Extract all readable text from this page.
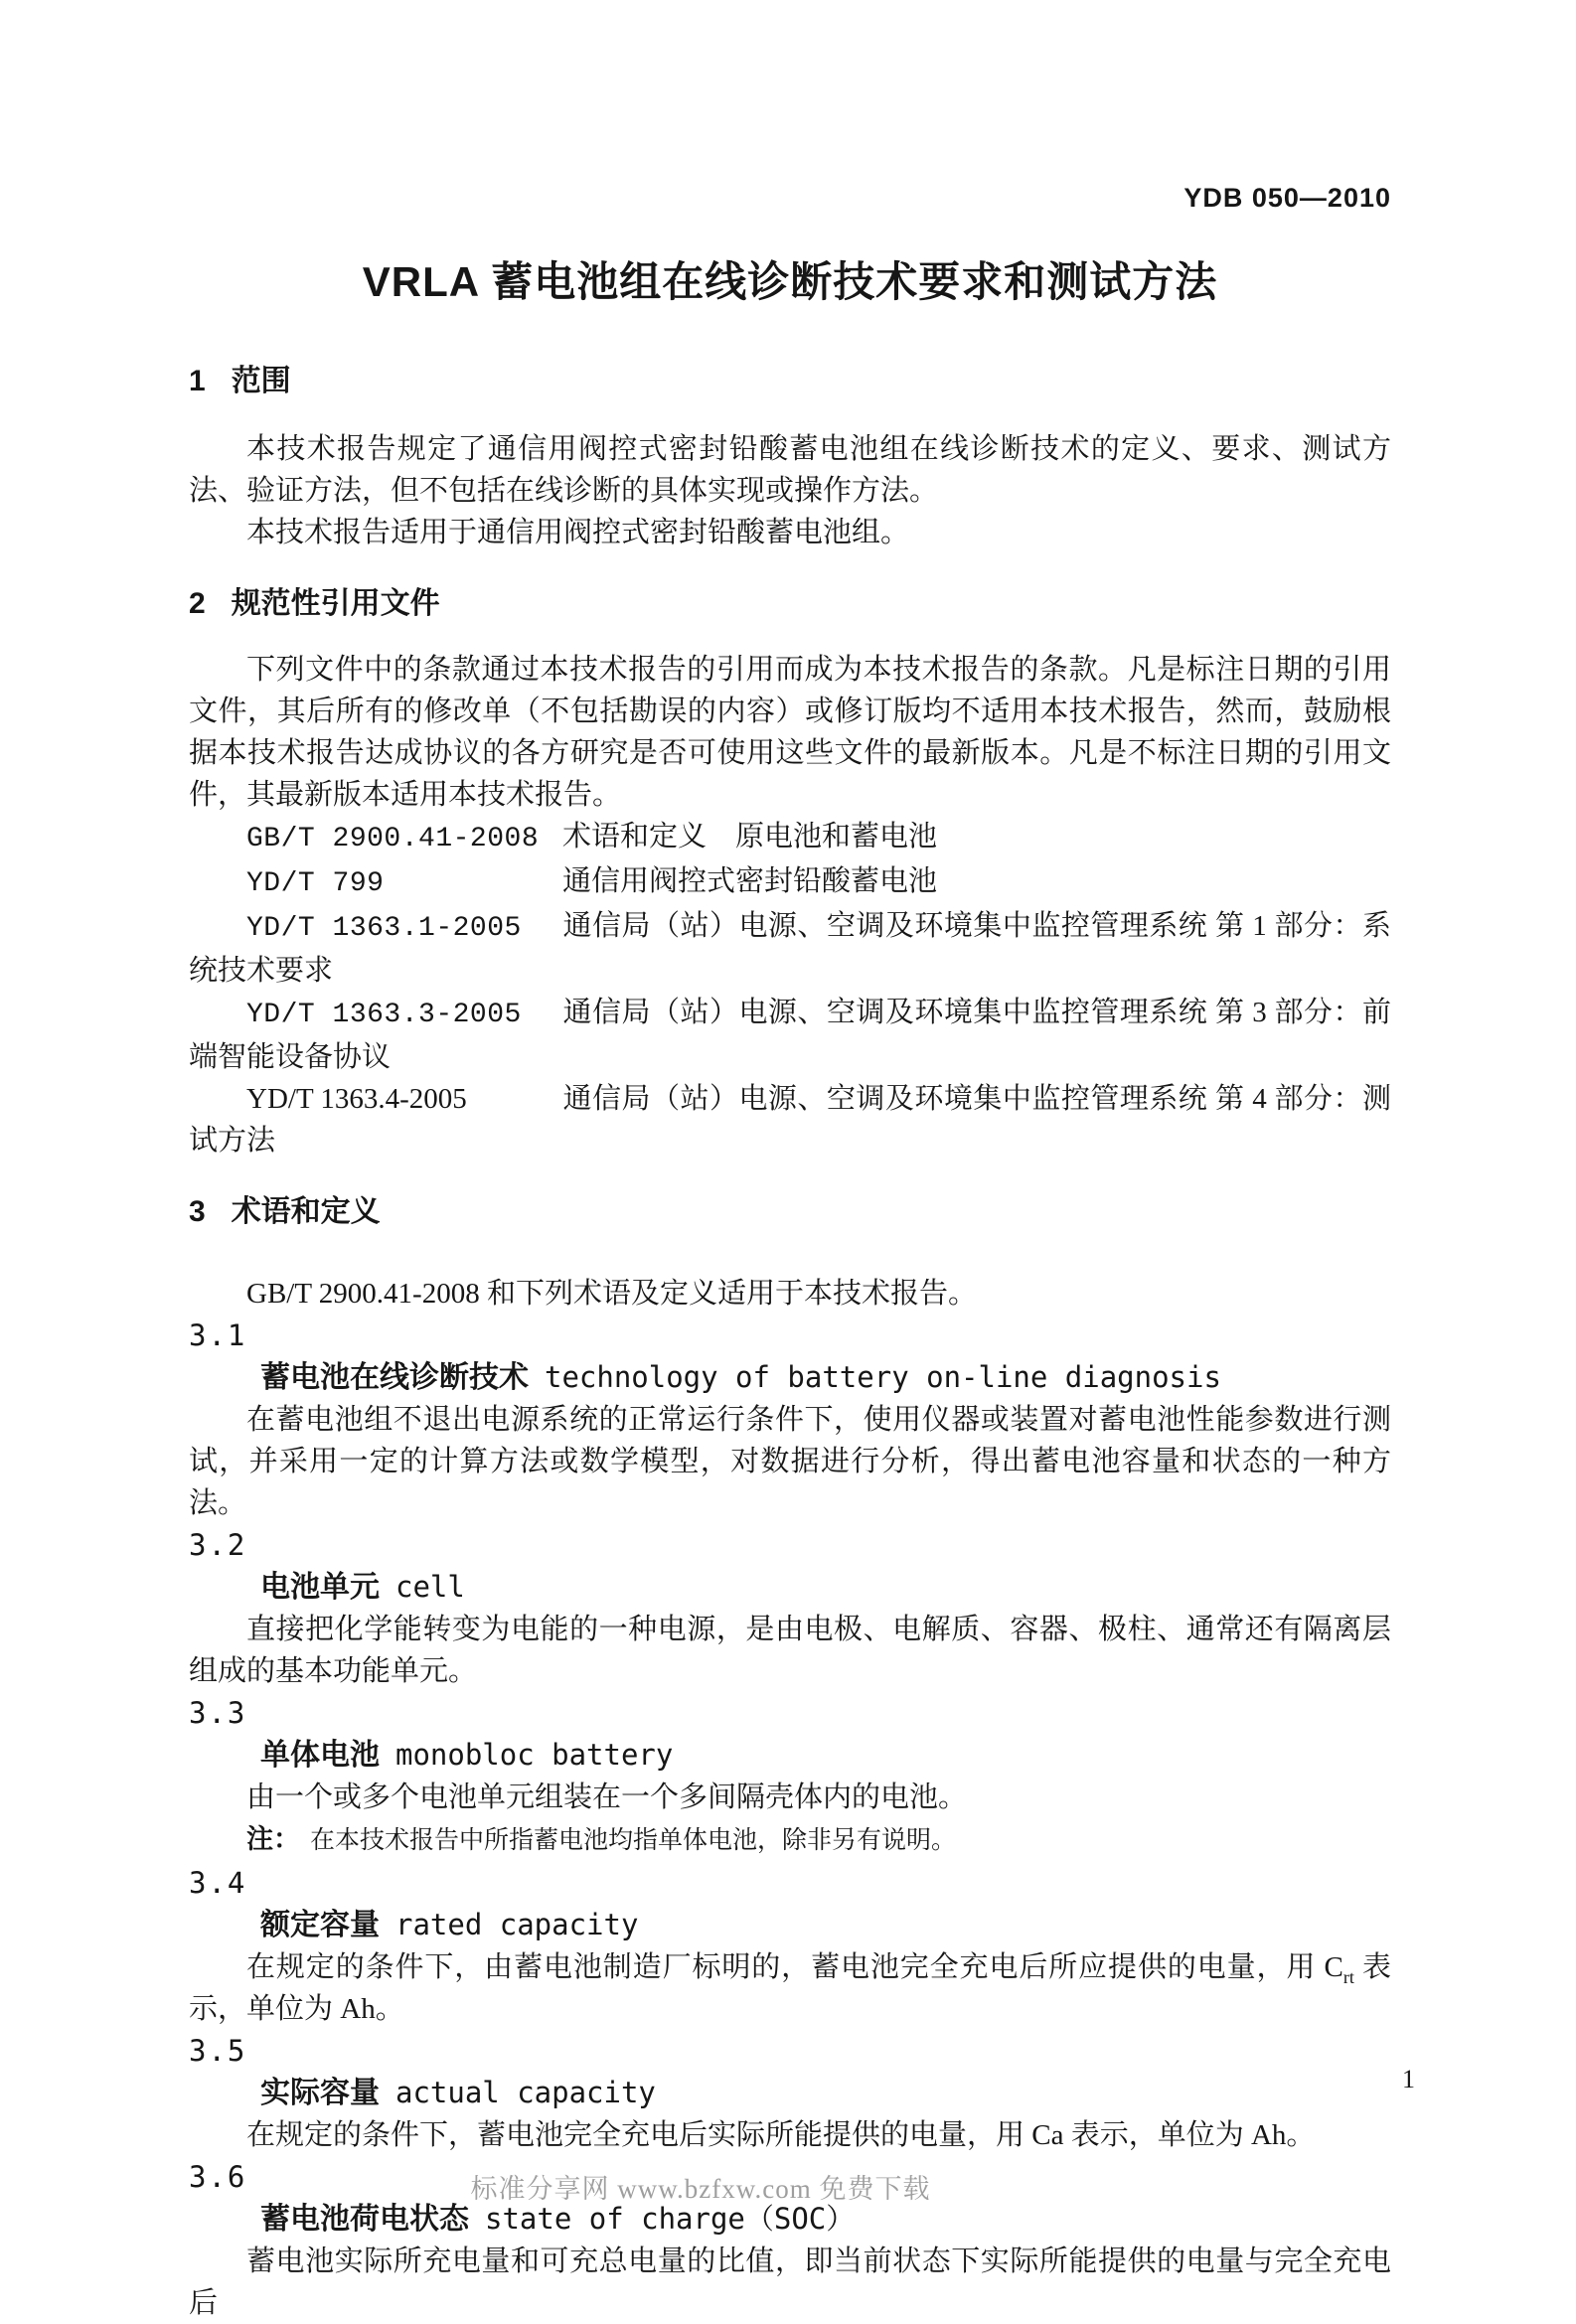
YDB 050—2010
VRLA 蓄电池组在线诊断技术要求和测试方法
1 范围

本技术报告规定了通信用阀控式密封铅酸蓄电池组在线诊断技术的定义、要求、测试方法、验证方法，但不包括在线诊断的具体实现或操作方法。

本技术报告适用于通信用阀控式密封铅酸蓄电池组。

2 规范性引用文件

下列文件中的条款通过本技术报告的引用而成为本技术报告的条款。凡是标注日期的引用文件，其后所有的修改单（不包括勘误的内容）或修订版均不适用本技术报告，然而，鼓励根据本技术报告达成协议的各方研究是否可使用这些文件的最新版本。凡是不标注日期的引用文件，其最新版本适用本技术报告。

GB/T 2900.41-2008 术语和定义　原电池和蓄电池

YD/T 799	通信用阀控式密封铅酸蓄电池

YD/T 1363.1-2005 通信局（站）电源、空调及环境集中监控管理系统 第 1 部分：系统技术要求

YD/T 1363.3-2005 通信局（站）电源、空调及环境集中监控管理系统 第 3 部分：前端智能设备协议

YD/T 1363.4-2005	通信局（站）电源、空调及环境集中监控管理系统 第 4 部分：测试方法

3 术语和定义

GB/T 2900.41-2008 和下列术语及定义适用于本技术报告。

3.1
蓄电池在线诊断技术 technology of battery on-line diagnosis

在蓄电池组不退出电源系统的正常运行条件下，使用仪器或装置对蓄电池性能参数进行测试，并采用一定的计算方法或数学模型，对数据进行分析，得出蓄电池容量和状态的一种方法。

3.2
电池单元 cell

直接把化学能转变为电能的一种电源，是由电极、电解质、容器、极柱、通常还有隔离层组成的基本功能单元。

3.3
单体电池 monobloc battery

由一个或多个电池单元组装在一个多间隔壳体内的电池。

注： 在本技术报告中所指蓄电池均指单体电池，除非另有说明。

3.4
额定容量 rated capacity

在规定的条件下，由蓄电池制造厂标明的，蓄电池完全充电后所应提供的电量，用 $C_{rt}$ 表示，单位为 Ah。

3.5
实际容量 actual capacity

在规定的条件下，蓄电池完全充电后实际所能提供的电量，用 Ca 表示，单位为 Ah。

3.6
蓄电池荷电状态 state of charge（SOC）

蓄电池实际所充电量和可充总电量的比值，即当前状态下实际所能提供的电量与完全充电后

1
标准分享网 www.bzfxw.com 免费下载
